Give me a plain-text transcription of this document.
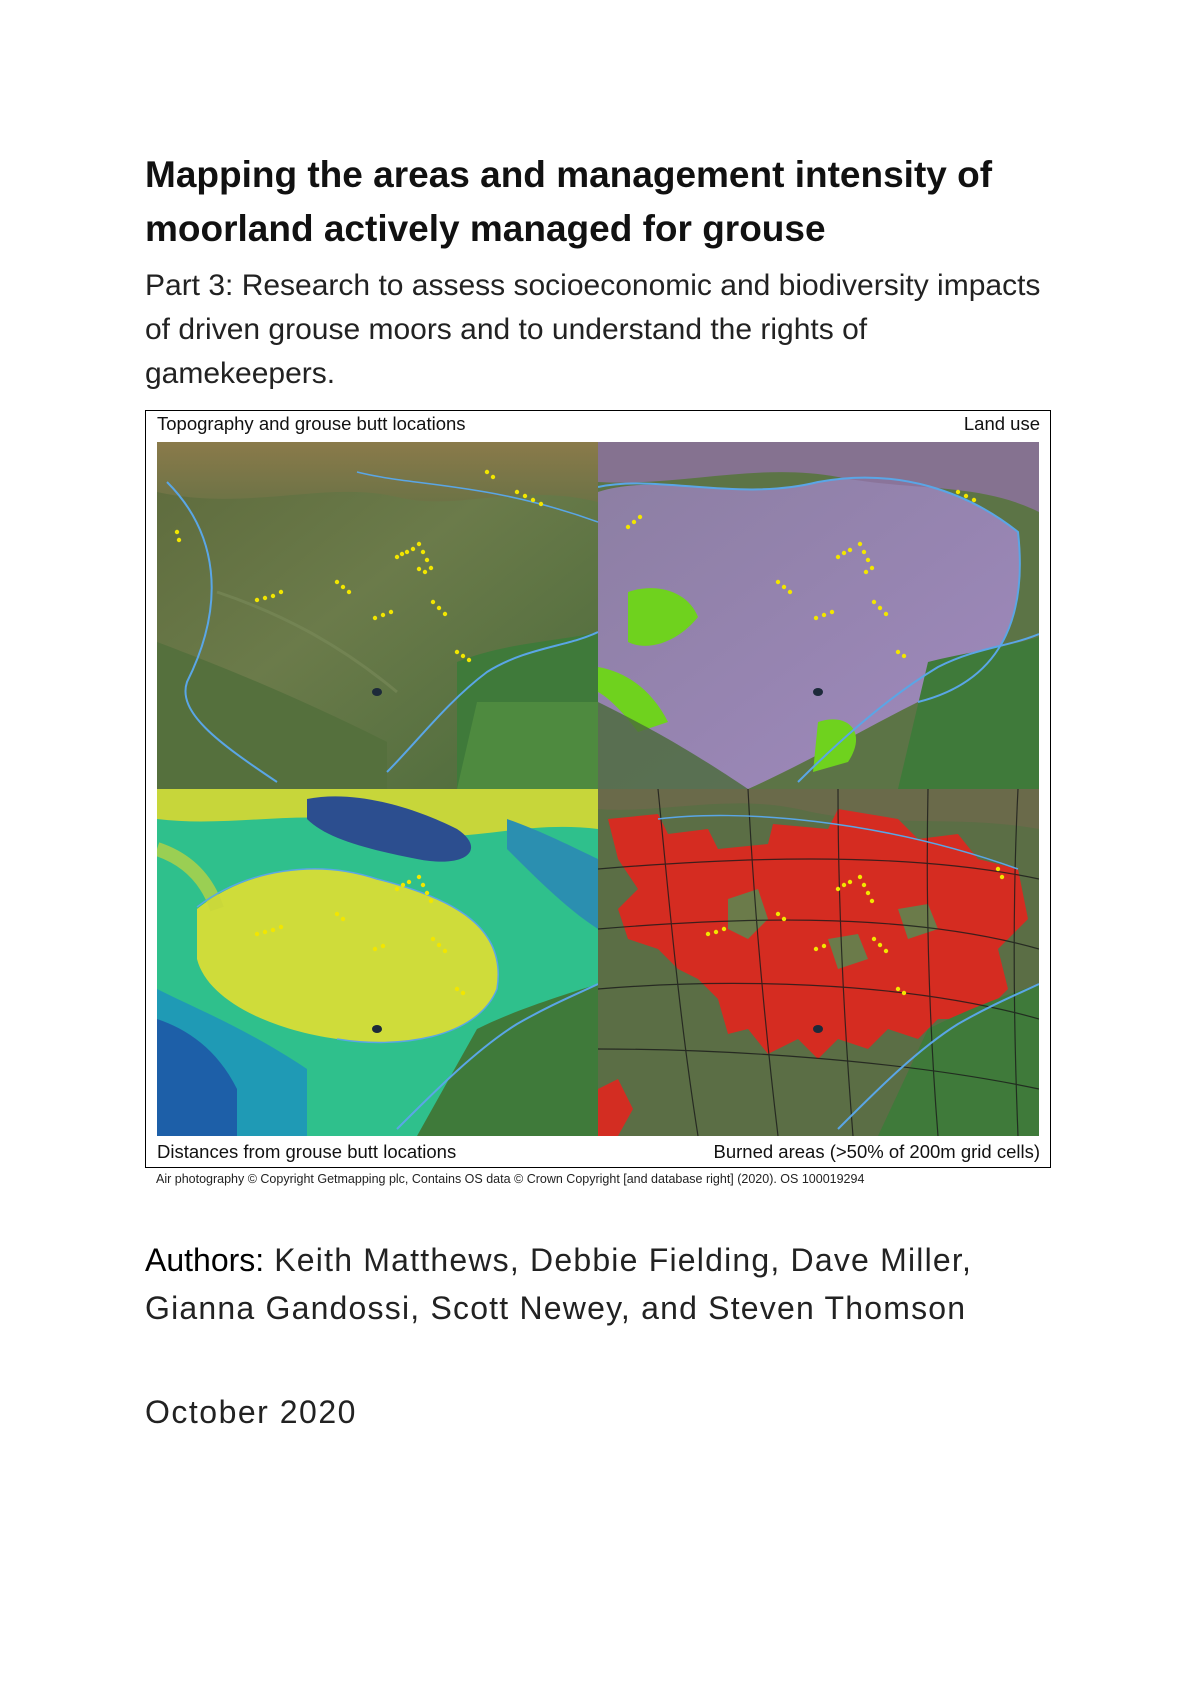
Mapping the areas and management intensity of moorland actively managed for grouse
Part 3: Research to assess socioeconomic and biodiversity impacts of driven grouse moors and to understand the rights of gamekeepers.
Topography and grouse butt locations	Land use
Distances from grouse butt locations	Burned areas (>50% of 200m grid cells)
Air photography © Copyright Getmapping plc, Contains OS data © Crown Copyright [and database right] (2020). OS 100019294
Authors: Keith Matthews, Debbie Fielding, Dave Miller, Gianna Gandossi, Scott Newey, and Steven Thomson
October 2020
